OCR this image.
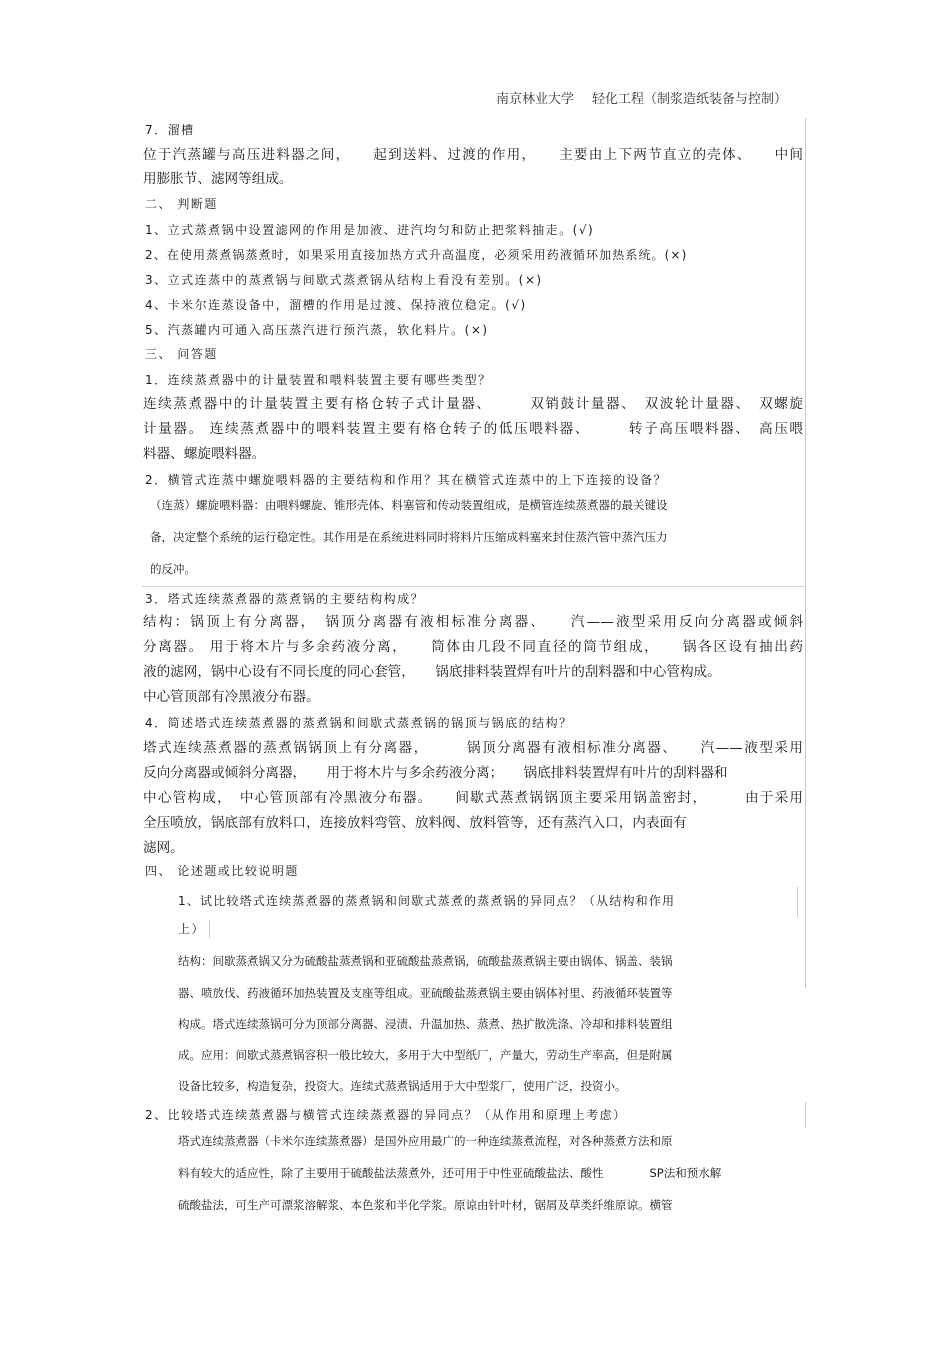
南京林业大学 轻化工程（制浆造纸装备与控制）
7．溜槽
位于汽蒸罐与高压进料器之间，　　起到送料、过渡的作用，　　主要由上下两节直立的壳体、　　中间
用膨胀节、滤网等组成。
二、 判断题
1、立式蒸煮锅中设置滤网的作用是加液、进汽均匀和防止把浆料抽走。(√)
2、在使用蒸煮锅蒸煮时，如果采用直接加热方式升高温度，必须采用药液循环加热系统。(×)
3、立式连蒸中的蒸煮锅与间歇式蒸煮锅从结构上看没有差别。(×)
4、卡米尔连蒸设备中，溜槽的作用是过渡、保持液位稳定。(√)
5、汽蒸罐内可通入高压蒸汽进行预汽蒸，软化料片。(×)
三、 问答题
1．连续蒸煮器中的计量装置和喂料装置主要有哪些类型？
连续蒸煮器中的计量装置主要有格仓转子式计量器、　　　双销鼓计量器、　双波轮计量器、　双螺旋
计量器。 连续蒸煮器中的喂料装置主要有格仓转子的低压喂料器、　　　转子高压喂料器、　高压喂
料器、螺旋喂料器。
2．横管式连蒸中螺旋喂料器的主要结构和作用？其在横管式连蒸中的上下连接的设备？
（连蒸）螺旋喂料器：由喂料螺旋、锥形壳体、料塞管和传动装置组成，是横管连续蒸煮器的最关键设
备，决定整个系统的运行稳定性。其作用是在系统进料同时将料片压缩成料塞来封住蒸汽管中蒸汽压力
的反冲。
3．塔式连续蒸煮器的蒸煮锅的主要结构构成？
结构：锅顶上有分离器，　锅顶分离器有液相标准分离器、　　汽——液型采用反向分离器或倾斜
分离器。 用于将木片与多余药液分离，　　筒体由几段不同直径的筒节组成，　　锅各区设有抽出药
液的滤网，锅中心设有不同长度的同心套管，　　锅底排料装置焊有叶片的刮料器和中心管构成。
中心管顶部有冷黑液分布器。
4．简述塔式连续蒸煮器的蒸煮锅和间歇式蒸煮锅的锅顶与锅底的结构？
塔式连续蒸煮器的蒸煮锅锅顶上有分离器，　　　锅顶分离器有液相标准分离器、　　汽——液型采用
反向分离器或倾斜分离器，　　用于将木片与多余药液分离；　　锅底排料装置焊有叶片的刮料器和
中心管构成，　中心管顶部有冷黑液分布器。　　间歇式蒸煮锅锅顶主要采用锅盖密封，　　　由于采用
全压喷放，锅底部有放料口，连接放料弯管、放料阀、放料管等，还有蒸汽入口，内表面有
滤网。
四、 论述题或比较说明题
1、试比较塔式连续蒸煮器的蒸煮锅和间歇式蒸煮的蒸煮锅的异同点？（从结构和作用
上）
结构：间歇蒸煮锅又分为硫酸盐蒸煮锅和亚硫酸盐蒸煮锅，硫酸盐蒸煮锅主要由锅体、锅盖、装锅
器、喷放伐、药液循环加热装置及支座等组成。亚硫酸盐蒸煮锅主要由锅体衬里、药液循环装置等
构成。塔式连续蒸锅可分为顶部分离器、浸渍、升温加热、蒸煮、热扩散洗涤、冷却和排料装置组
成。应用：间歇式蒸煮锅容积一般比较大，多用于大中型纸厂，产量大，劳动生产率高，但是附属
设备比较多，构造复杂，投资大。连续式蒸煮锅适用于大中型浆厂，使用广泛，投资小。
2、比较塔式连续蒸煮器与横管式连续蒸煮器的异同点？（从作用和原理上考虑）
塔式连续蒸煮器（卡米尔连续蒸煮器）是国外应用最广的一种连续蒸煮流程，对各种蒸煮方法和原
料有较大的适应性，除了主要用于硫酸盐法蒸煮外，还可用于中性亚硫酸盐法、酸性　　　　SP法和预水解
硫酸盐法，可生产可漂浆溶解浆、本色浆和半化学浆。原谅由针叶材，锯屑及草类纤维原谅。横管
